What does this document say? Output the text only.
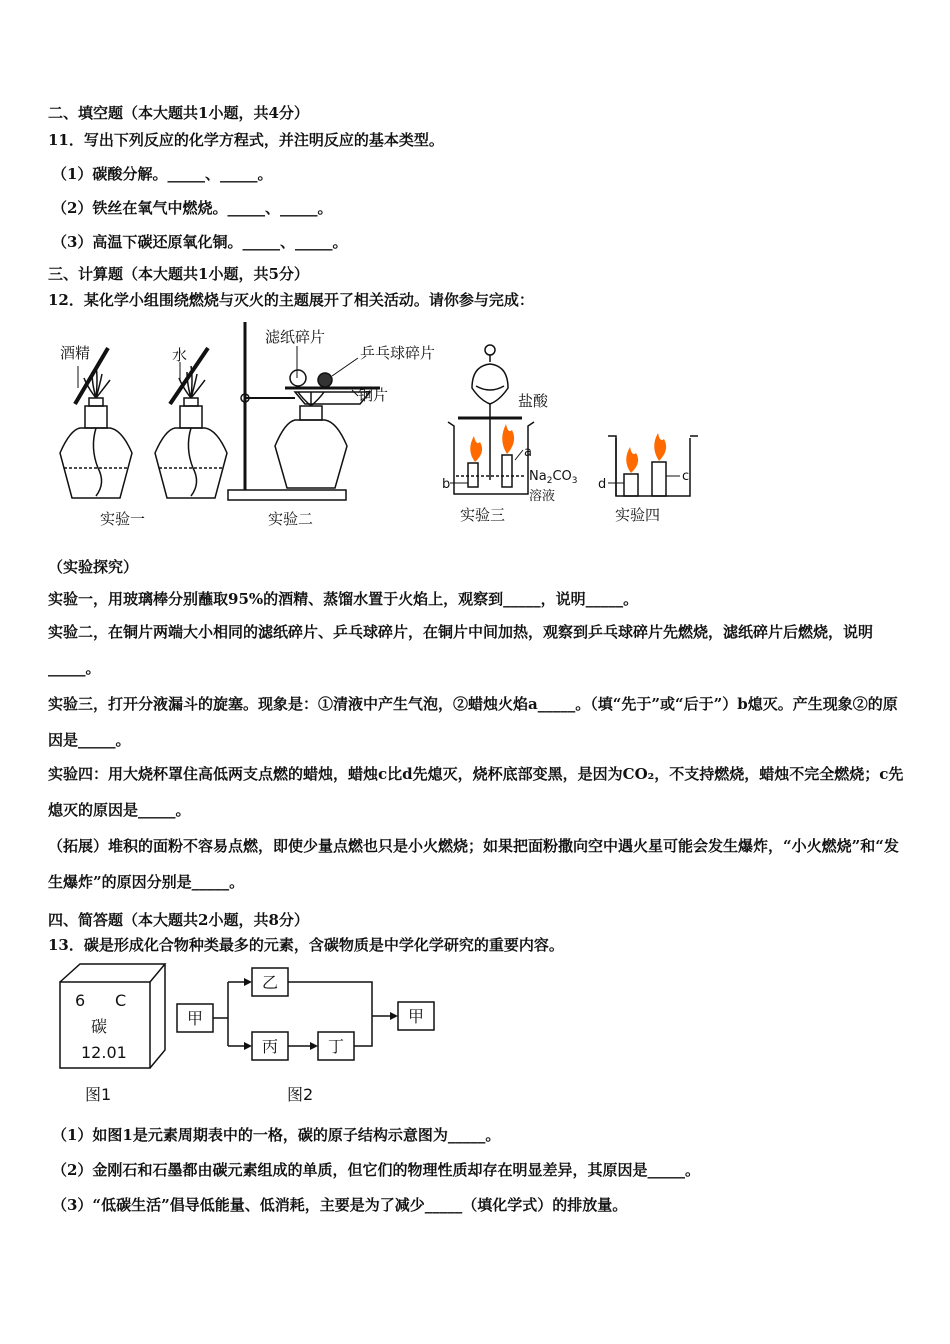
二、填空题（本大题共1小题，共4分）
11．写出下列反应的化学方程式，并注明反应的基本类型。
（1）碳酸分解。_____、_____。
（2）铁丝在氧气中燃烧。_____、_____。
（3）高温下碳还原氧化铜。_____、_____。
三、计算题（本大题共1小题，共5分）
12．某化学小组围绕燃烧与灭火的主题展开了相关活动。请你参与完成：
酒精	水
滤纸碎片
乒乓球碎片
铜片	盐酸
a
b
$Na_2CO_3$
溶液
d
c
实验一	实验二	实验三	实验四
（实验探究）
实验一，用玻璃棒分别蘸取95%的酒精、蒸馏水置于火焰上，观察到_____，说明_____。
实验二，在铜片两端大小相同的滤纸碎片、乒乓球碎片，在铜片中间加热，观察到乒乓球碎片先燃烧，滤纸碎片后燃烧，说明_____。
实验三，打开分液漏斗的旋塞。现象是：①清液中产生气泡，②蜡烛火焰a_____。（填“先于”或“后于”）b熄灭。产生现象②的原因是_____。
实验四：用大烧杯罩住高低两支点燃的蜡烛，蜡烛c比d先熄灭，烧杯底部变黑，是因为CO₂，不支持燃烧，蜡烛不完全燃烧；c先熄灭的原因是_____。
（拓展）堆积的面粉不容易点燃，即使少量点燃也只是小火燃烧；如果把面粉撒向空中遇火星可能会发生爆炸，“小火燃烧”和“发生爆炸”的原因分别是_____。
四、简答题（本大题共2小题，共8分）
13．碳是形成化合物种类最多的元素，含碳物质是中学化学研究的重要内容。
6 C
碳
12.01
图1
甲
乙
丙	丁
甲
图2
（1）如图1是元素周期表中的一格，碳的原子结构示意图为_____。
（2）金刚石和石墨都由碳元素组成的单质，但它们的物理性质却存在明显差异，其原因是_____。
（3）“低碳生活”倡导低能量、低消耗，主要是为了减少_____（填化学式）的排放量。
